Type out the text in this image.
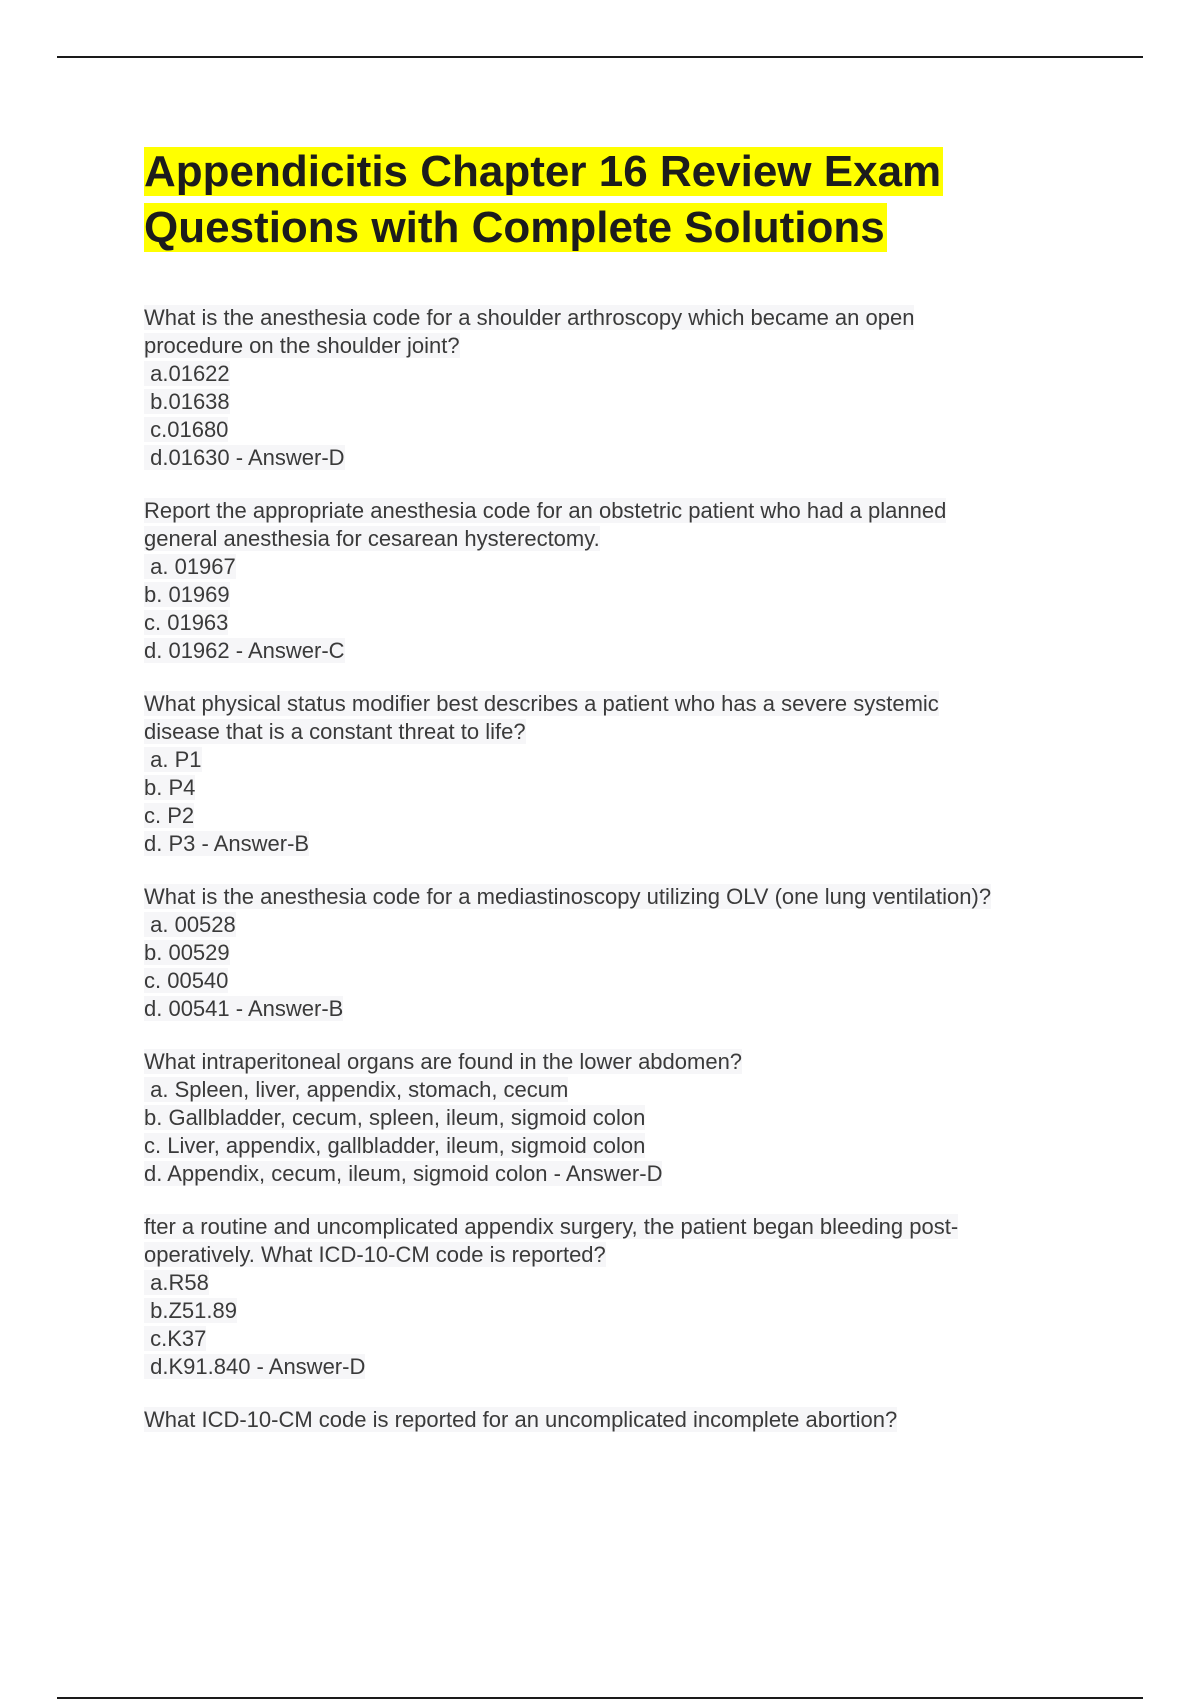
Appendicitis Chapter 16 Review Exam
Questions with Complete Solutions
What is the anesthesia code for a shoulder arthroscopy which became an open
procedure on the shoulder joint?
a.01622
b.01638
c.01680
d.01630 - Answer-D
Report the appropriate anesthesia code for an obstetric patient who had a planned
general anesthesia for cesarean hysterectomy.
a. 01967
b. 01969
c. 01963
d. 01962 - Answer-C
What physical status modifier best describes a patient who has a severe systemic
disease that is a constant threat to life?
a. P1
b. P4
c. P2
d. P3 - Answer-B
What is the anesthesia code for a mediastinoscopy utilizing OLV (one lung ventilation)?
a. 00528
b. 00529
c. 00540
d. 00541 - Answer-B
What intraperitoneal organs are found in the lower abdomen?
a. Spleen, liver, appendix, stomach, cecum
b. Gallbladder, cecum, spleen, ileum, sigmoid colon
c. Liver, appendix, gallbladder, ileum, sigmoid colon
d. Appendix, cecum, ileum, sigmoid colon - Answer-D
fter a routine and uncomplicated appendix surgery, the patient began bleeding post-
operatively. What ICD-10-CM code is reported?
a.R58
b.Z51.89
c.K37
d.K91.840 - Answer-D
What ICD-10-CM code is reported for an uncomplicated incomplete abortion?
